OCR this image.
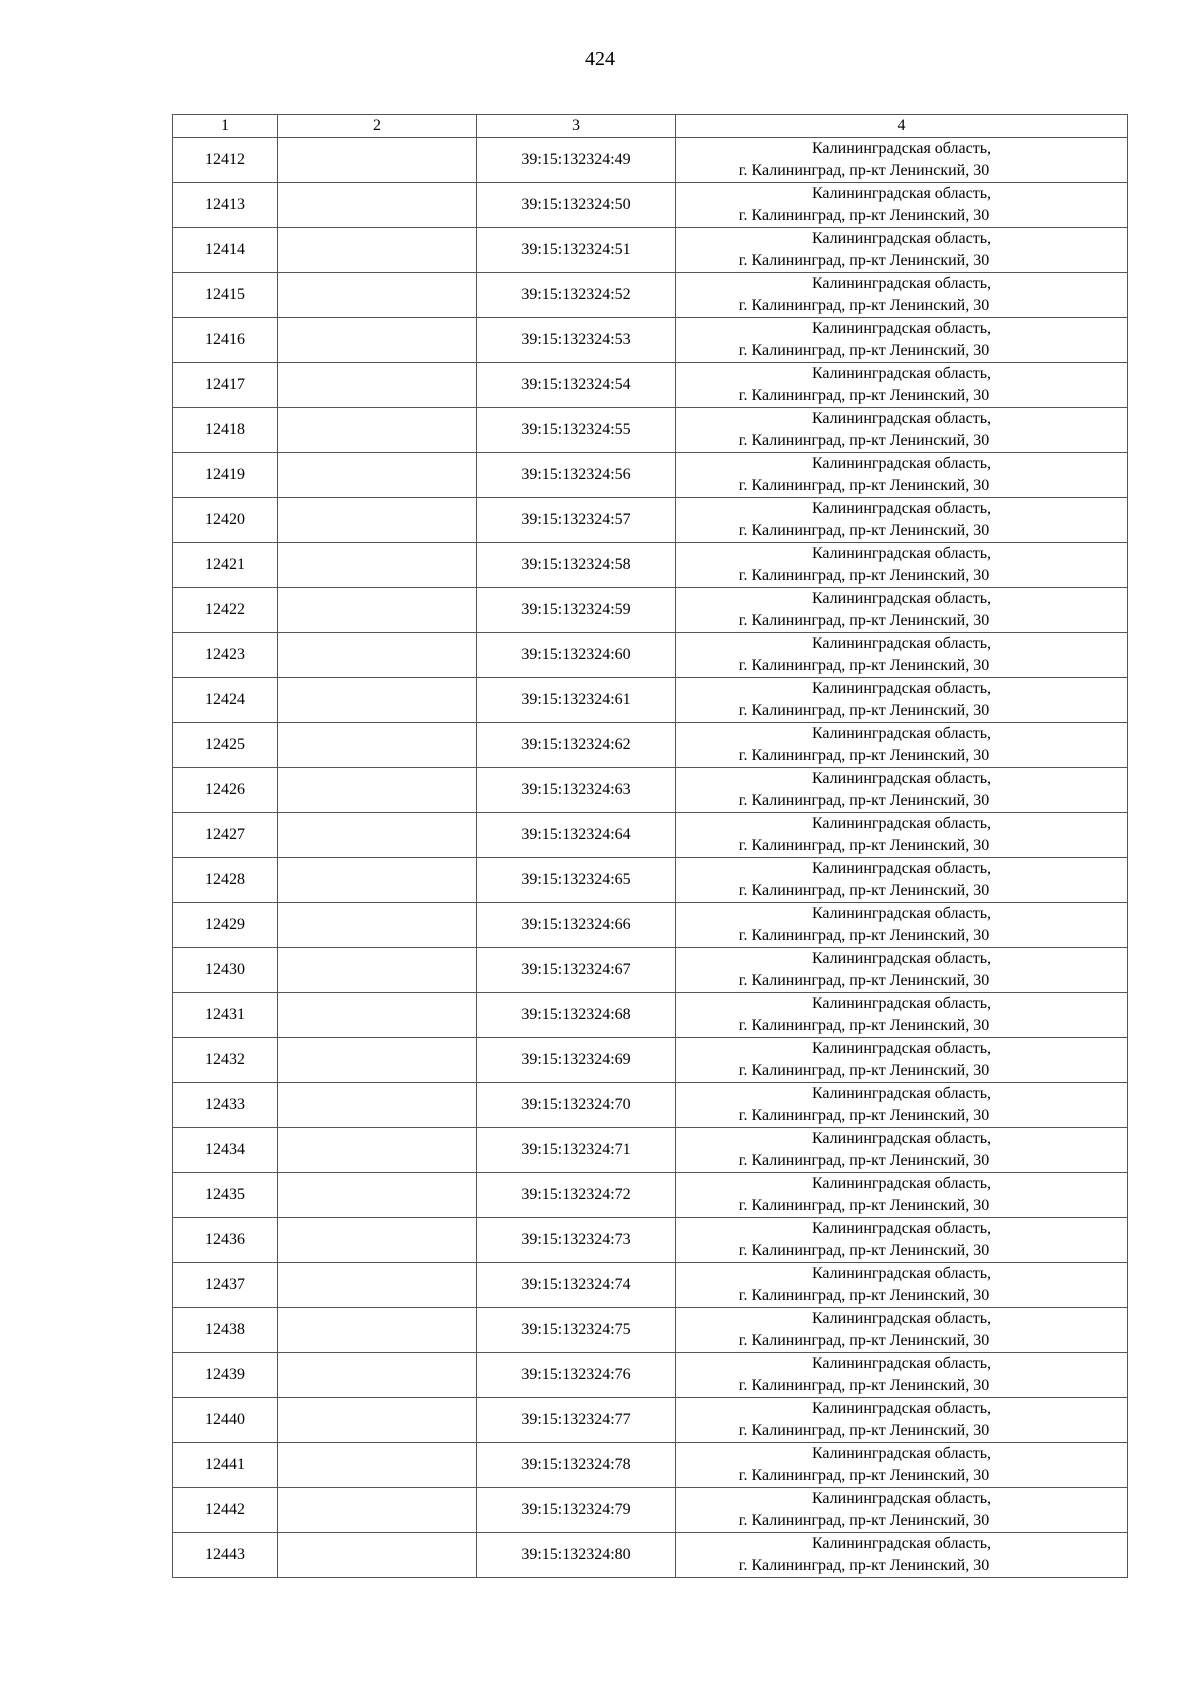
424
1	2	3	4
12412		39:15:132324:49	Калининградская область,
г. Калининград, пр-кт Ленинский, 30

12413		39:15:132324:50	Калининградская область,
г. Калининград, пр-кт Ленинский, 30

12414		39:15:132324:51	Калининградская область,
г. Калининград, пр-кт Ленинский, 30

12415		39:15:132324:52	Калининградская область,
г. Калининград, пр-кт Ленинский, 30

12416		39:15:132324:53	Калининградская область,
г. Калининград, пр-кт Ленинский, 30

12417		39:15:132324:54	Калининградская область,
г. Калининград, пр-кт Ленинский, 30

12418		39:15:132324:55	Калининградская область,
г. Калининград, пр-кт Ленинский, 30

12419		39:15:132324:56	Калининградская область,
г. Калининград, пр-кт Ленинский, 30

12420		39:15:132324:57	Калининградская область,
г. Калининград, пр-кт Ленинский, 30

12421		39:15:132324:58	Калининградская область,
г. Калининград, пр-кт Ленинский, 30

12422		39:15:132324:59	Калининградская область,
г. Калининград, пр-кт Ленинский, 30

12423		39:15:132324:60	Калининградская область,
г. Калининград, пр-кт Ленинский, 30

12424		39:15:132324:61	Калининградская область,
г. Калининград, пр-кт Ленинский, 30

12425		39:15:132324:62	Калининградская область,
г. Калининград, пр-кт Ленинский, 30

12426		39:15:132324:63	Калининградская область,
г. Калининград, пр-кт Ленинский, 30

12427		39:15:132324:64	Калининградская область,
г. Калининград, пр-кт Ленинский, 30

12428		39:15:132324:65	Калининградская область,
г. Калининград, пр-кт Ленинский, 30

12429		39:15:132324:66	Калининградская область,
г. Калининград, пр-кт Ленинский, 30

12430		39:15:132324:67	Калининградская область,
г. Калининград, пр-кт Ленинский, 30

12431		39:15:132324:68	Калининградская область,
г. Калининград, пр-кт Ленинский, 30

12432		39:15:132324:69	Калининградская область,
г. Калининград, пр-кт Ленинский, 30

12433		39:15:132324:70	Калининградская область,
г. Калининград, пр-кт Ленинский, 30

12434		39:15:132324:71	Калининградская область,
г. Калининград, пр-кт Ленинский, 30

12435		39:15:132324:72	Калининградская область,
г. Калининград, пр-кт Ленинский, 30

12436		39:15:132324:73	Калининградская область,
г. Калининград, пр-кт Ленинский, 30

12437		39:15:132324:74	Калининградская область,
г. Калининград, пр-кт Ленинский, 30

12438		39:15:132324:75	Калининградская область,
г. Калининград, пр-кт Ленинский, 30

12439		39:15:132324:76	Калининградская область,
г. Калининград, пр-кт Ленинский, 30

12440		39:15:132324:77	Калининградская область,
г. Калининград, пр-кт Ленинский, 30

12441		39:15:132324:78	Калининградская область,
г. Калининград, пр-кт Ленинский, 30

12442		39:15:132324:79	Калининградская область,
г. Калининград, пр-кт Ленинский, 30

12443		39:15:132324:80	Калининградская область,
г. Калининград, пр-кт Ленинский, 30
